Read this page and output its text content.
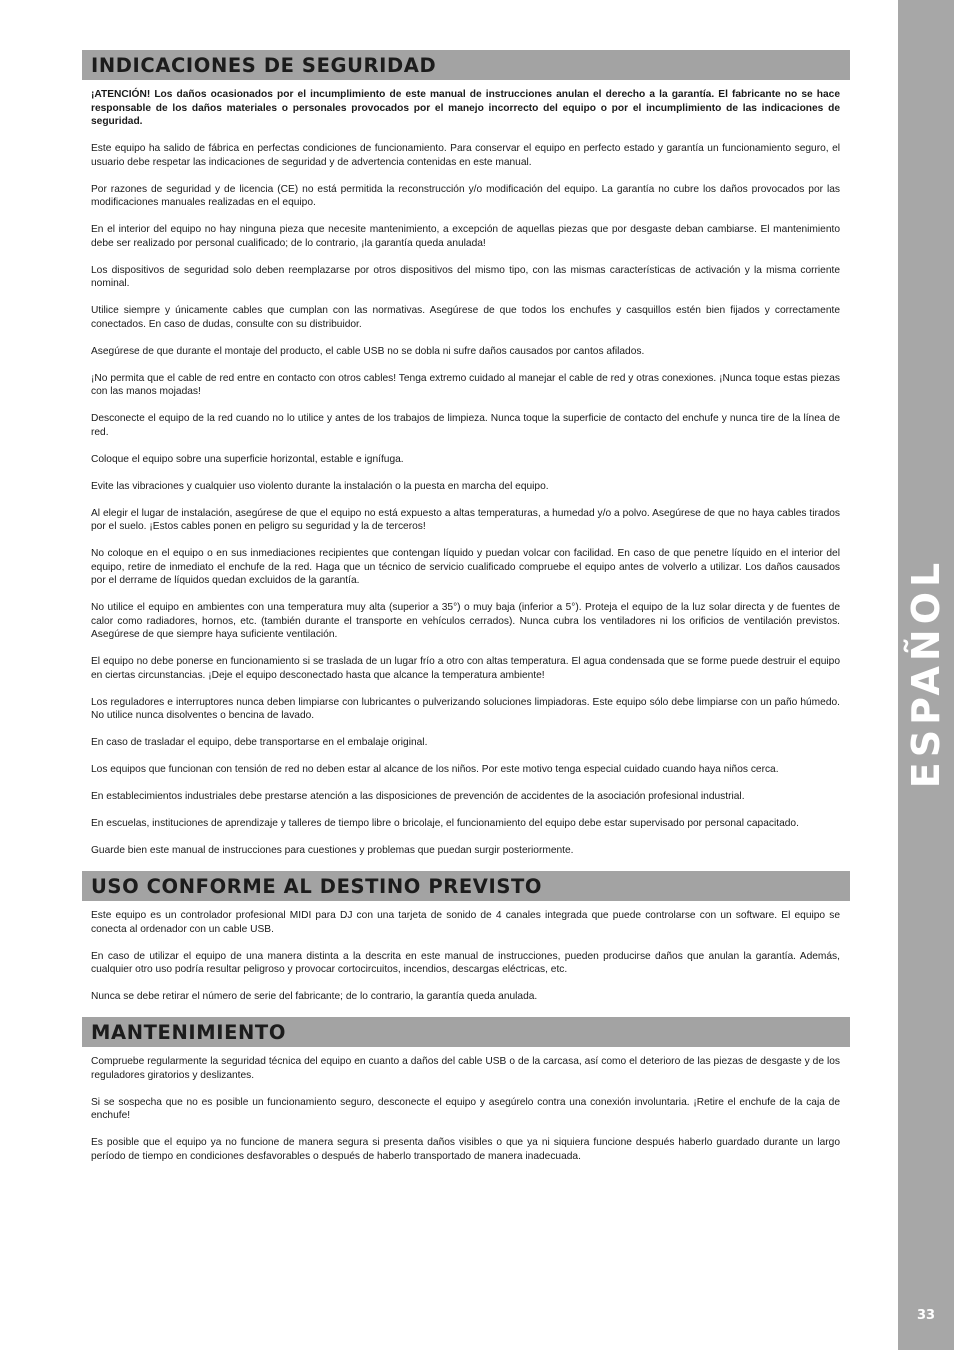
INDICACIONES DE SEGURIDAD

¡ATENCIÓN! Los daños ocasionados por el incumplimiento de este manual de instrucciones anulan el derecho a la garantía. El fabricante no se hace responsable de los daños materiales o personales provocados por el manejo incorrecto del equipo o por el incumplimiento de las indicaciones de seguridad.

Este equipo ha salido de fábrica en perfectas condiciones de funcionamiento. Para conservar el equipo en perfecto estado y garantía un funcionamiento seguro, el usuario debe respetar las indicaciones de seguridad y de advertencia contenidas en este manual.

Por razones de seguridad y de licencia (CE) no está permitida la reconstrucción y/o modificación del equipo. La garantía no cubre los daños provocados por las modificaciones manuales realizadas en el equipo.

En el interior del equipo no hay ninguna pieza que necesite mantenimiento, a excepción de aquellas piezas que por desgaste deban cambiarse. El mantenimiento debe ser realizado por personal cualificado; de lo contrario, ¡la garantía queda anulada!

Los dispositivos de seguridad solo deben reemplazarse por otros dispositivos del mismo tipo, con las mismas características de activación y la misma corriente nominal.

Utilice siempre y únicamente cables que cumplan con las normativas. Asegúrese de que todos los enchufes y casquillos estén bien fijados y correctamente conectados. En caso de dudas, consulte con su distribuidor.

Asegúrese de que durante el montaje del producto, el cable USB no se dobla ni sufre daños causados por cantos afilados.

¡No permita que el cable de red entre en contacto con otros cables! Tenga extremo cuidado al manejar el cable de red y otras conexiones. ¡Nunca toque estas piezas con las manos mojadas!

Desconecte el equipo de la red cuando no lo utilice y antes de los trabajos de limpieza. Nunca toque la superficie de contacto del enchufe y nunca tire de la línea de red.

Coloque el equipo sobre una superficie horizontal, estable e ignífuga.

Evite las vibraciones y cualquier uso violento durante la instalación o la puesta en marcha del equipo.

Al elegir el lugar de instalación, asegúrese de que el equipo no está expuesto a altas temperaturas, a humedad y/o a polvo. Asegúrese de que no haya cables tirados por el suelo. ¡Estos cables ponen en peligro su seguridad y la de terceros!

No coloque en el equipo o en sus inmediaciones recipientes que contengan líquido y puedan volcar con facilidad. En caso de que penetre líquido en el interior del equipo, retire de inmediato el enchufe de la red. Haga que un técnico de servicio cualificado compruebe el equipo antes de volverlo a utilizar. Los daños causados por el derrame de líquidos quedan excluidos de la garantía.

No utilice el equipo en ambientes con una temperatura muy alta (superior a 35°) o muy baja (inferior a 5°). Proteja el equipo de la luz solar directa y de fuentes de calor como radiadores, hornos, etc. (también durante el transporte en vehículos cerrados). Nunca cubra los ventiladores ni los orificios de ventilación previstos. Asegúrese de que siempre haya suficiente ventilación.

El equipo no debe ponerse en funcionamiento si se traslada de un lugar frío a otro con altas temperatura. El agua condensada que se forme puede destruir el equipo en ciertas circunstancias. ¡Deje el equipo desconectado hasta que alcance la temperatura ambiente!

Los reguladores e interruptores nunca deben limpiarse con lubricantes o pulverizando soluciones limpiadoras. Este equipo sólo debe limpiarse con un paño húmedo. No utilice nunca disolventes o bencina de lavado.

En caso de trasladar el equipo, debe transportarse en el embalaje original.

Los equipos que funcionan con tensión de red no deben estar al alcance de los niños. Por este motivo tenga especial cuidado cuando haya niños cerca.

En establecimientos industriales debe prestarse atención a las disposiciones de prevención de accidentes de la asociación profesional industrial.

En escuelas, instituciones de aprendizaje y talleres de tiempo libre o bricolaje, el funcionamiento del equipo debe estar supervisado por personal capacitado.

Guarde bien este manual de instrucciones para cuestiones y problemas que puedan surgir posteriormente.

USO CONFORME AL DESTINO PREVISTO

Este equipo es un controlador profesional MIDI para DJ con una tarjeta de sonido de 4 canales integrada que puede controlarse con un software. El equipo se conecta al ordenador con un cable USB.

En caso de utilizar el equipo de una manera distinta a la descrita en este manual de instrucciones, pueden producirse daños que anulan la garantía. Además, cualquier otro uso podría resultar peligroso y provocar cortocircuitos, incendios, descargas eléctricas, etc.

Nunca se debe retirar el número de serie del fabricante; de lo contrario, la garantía queda anulada.

MANTENIMIENTO

Compruebe regularmente la seguridad técnica del equipo en cuanto a daños del cable USB o de la carcasa, así como el deterioro de las piezas de desgaste y de los reguladores giratorios y deslizantes.

Si se sospecha que no es posible un funcionamiento seguro, desconecte el equipo y asegúrelo contra una conexión involuntaria. ¡Retire el enchufe de la caja de enchufe!

Es posible que el equipo ya no funcione de manera segura si presenta daños visibles o que ya ni siquiera funcione después haberlo guardado durante un largo período de tiempo en condiciones desfavorables o después de haberlo transportado de manera inadecuada.

ESPAÑOL
33
